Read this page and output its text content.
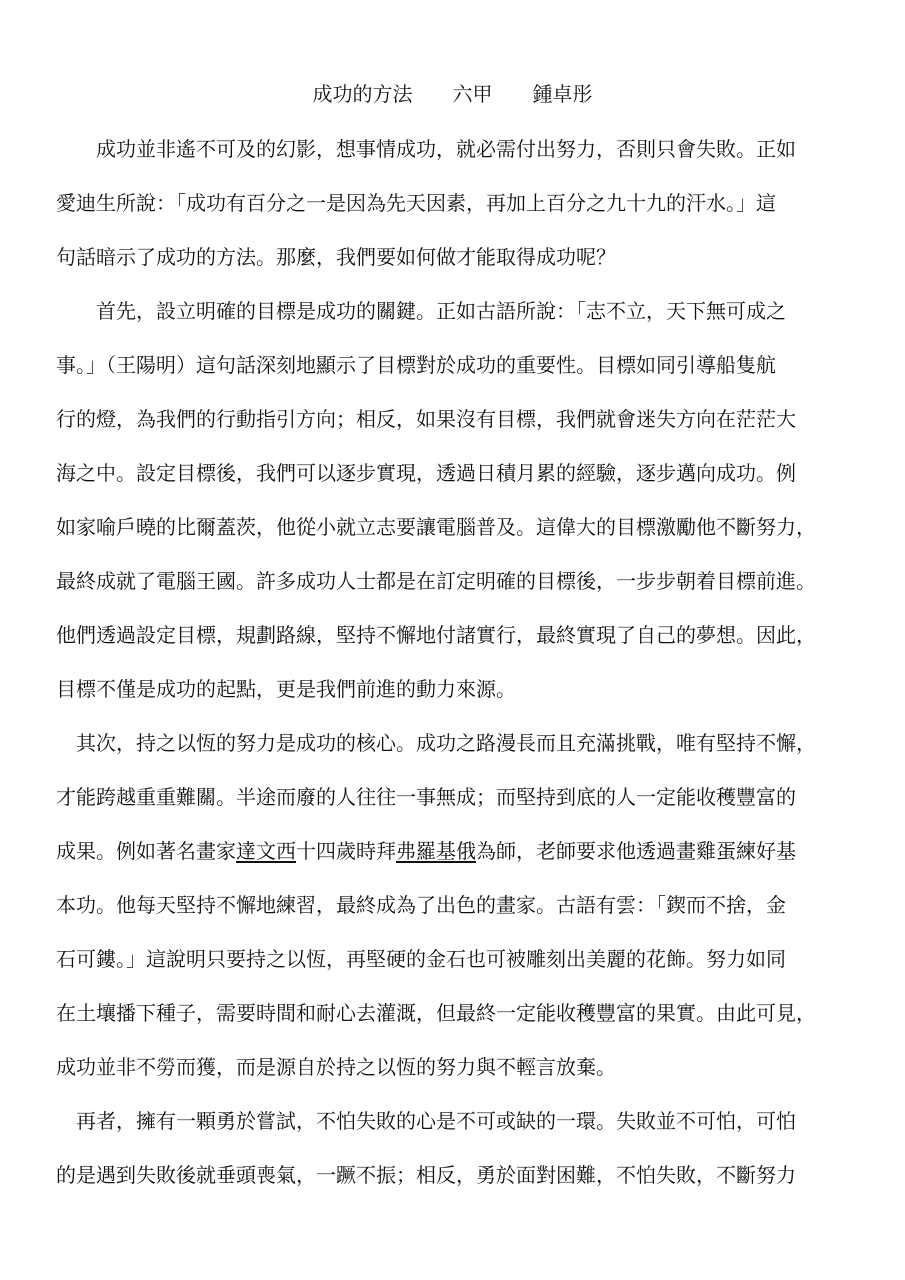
成功的方法　　六甲　　鍾卓彤
　　成功並非遙不可及的幻影，想事情成功，就必需付出努力，否則只會失敗。正如
愛迪生所說：「成功有百分之一是因為先天因素，再加上百分之九十九的汗水。」這
句話暗示了成功的方法。那麼，我們要如何做才能取得成功呢？
　　首先，設立明確的目標是成功的關鍵。正如古語所說：「志不立，天下無可成之
事。」（王陽明）這句話深刻地顯示了目標對於成功的重要性。目標如同引導船隻航
行的燈，為我們的行動指引方向；相反，如果沒有目標，我們就會迷失方向在茫茫大
海之中。設定目標後，我們可以逐步實現，透過日積月累的經驗，逐步邁向成功。例
如家喻戶曉的比爾蓋茨，他從小就立志要讓電腦普及。這偉大的目標激勵他不斷努力，
最終成就了電腦王國。許多成功人士都是在訂定明確的目標後，一步步朝着目標前進。
他們透過設定目標，規劃路線，堅持不懈地付諸實行，最終實現了自己的夢想。因此，
目標不僅是成功的起點，更是我們前進的動力來源。
　其次，持之以恆的努力是成功的核心。成功之路漫長而且充滿挑戰，唯有堅持不懈，
才能跨越重重難關。半途而廢的人往往一事無成；而堅持到底的人一定能收穫豐富的
成果。例如著名畫家達文西十四歲時拜弗羅基俄為師，老師要求他透過畫雞蛋練好基
本功。他每天堅持不懈地練習，最終成為了出色的畫家。古語有雲：「鍥而不捨，金
石可鏤。」這說明只要持之以恆，再堅硬的金石也可被雕刻出美麗的花飾。努力如同
在土壤播下種子，需要時間和耐心去灌溉，但最終一定能收穫豐富的果實。由此可見，
成功並非不勞而獲，而是源自於持之以恆的努力與不輕言放棄。
　再者，擁有一顆勇於嘗試，不怕失敗的心是不可或缺的一環。失敗並不可怕，可怕
的是遇到失敗後就垂頭喪氣，一蹶不振；相反，勇於面對困難，不怕失敗，不斷努力
